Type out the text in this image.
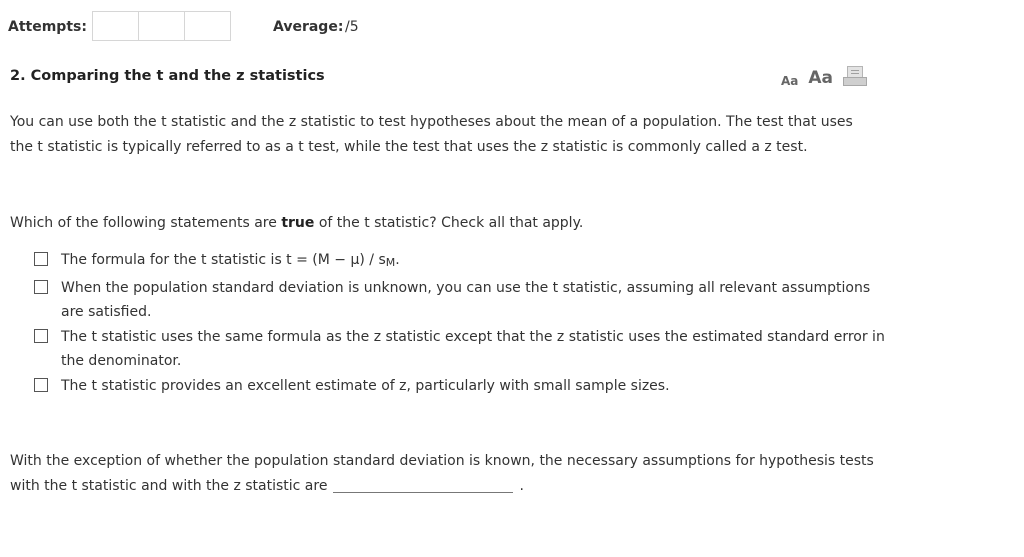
Attempts:	Average: /5
2. Comparing the t and the z statistics	Aa Aa
You can use both the t statistic and the z statistic to test hypotheses about the mean of a population. The test that uses the t statistic is typically referred to as a t test, while the test that uses the z statistic is commonly called a z test.
Which of the following statements are true of the t statistic? Check all that apply.
The formula for the t statistic is t = (M − μ) / sM.
When the population standard deviation is unknown, you can use the t statistic, assuming all relevant assumptions are satisfied.
The t statistic uses the same formula as the z statistic except that the z statistic uses the estimated standard error in the denominator.
The t statistic provides an excellent estimate of z, particularly with small sample sizes.
With the exception of whether the population standard deviation is known, the necessary assumptions for hypothesis tests with the t statistic and with the z statistic are	.
